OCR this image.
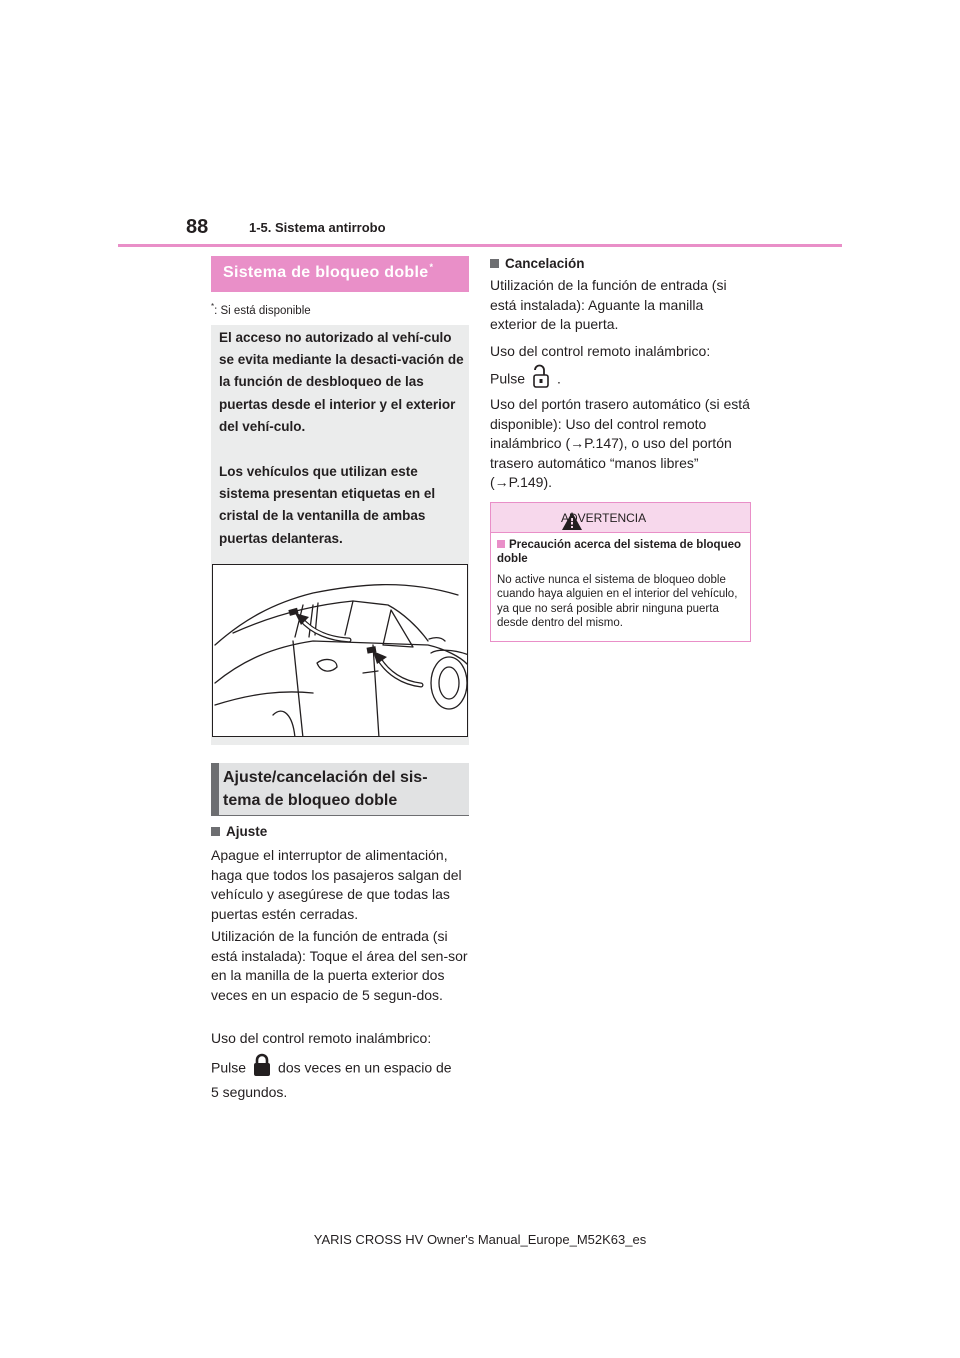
88	1-5. Sistema antirrobo
Sistema de bloqueo doble*
*: Si está disponible

El acceso no autorizado al vehí-culo se evita mediante la desacti-vación de la función de desbloqueo de las puertas desde el interior y el exterior del vehí-culo.

Los vehículos que utilizan este sistema presentan etiquetas en el cristal de la ventanilla de ambas puertas delanteras.

Ajuste/cancelación del sis-tema de bloqueo doble
Ajuste
Apague el interruptor de alimentación, haga que todos los pasajeros salgan del vehículo y asegúrese de que todas las puertas estén cerradas.
Utilización de la función de entrada (si está instalada): Toque el área del sen-sor en la manilla de la puerta exterior dos veces en un espacio de 5 segun-dos.
Uso del control remoto inalámbrico:
Pulse dos veces en un espacio de
5 segundos.
Cancelación
Utilización de la función de entrada (si está instalada): Aguante la manilla exterior de la puerta.
Uso del control remoto inalámbrico:
Pulse .
Uso del portón trasero automático (si está disponible): Uso del control remoto inalámbrico (→P.147), o uso del portón trasero automático “manos libres” (→P.149).
ADVERTENCIA
Precaución acerca del sistema de bloqueo doble
No active nunca el sistema de bloqueo doble cuando haya alguien en el interior del vehículo, ya que no será posible abrir ninguna puerta desde dentro del mismo.
YARIS CROSS HV Owner's Manual_Europe_M52K63_es
